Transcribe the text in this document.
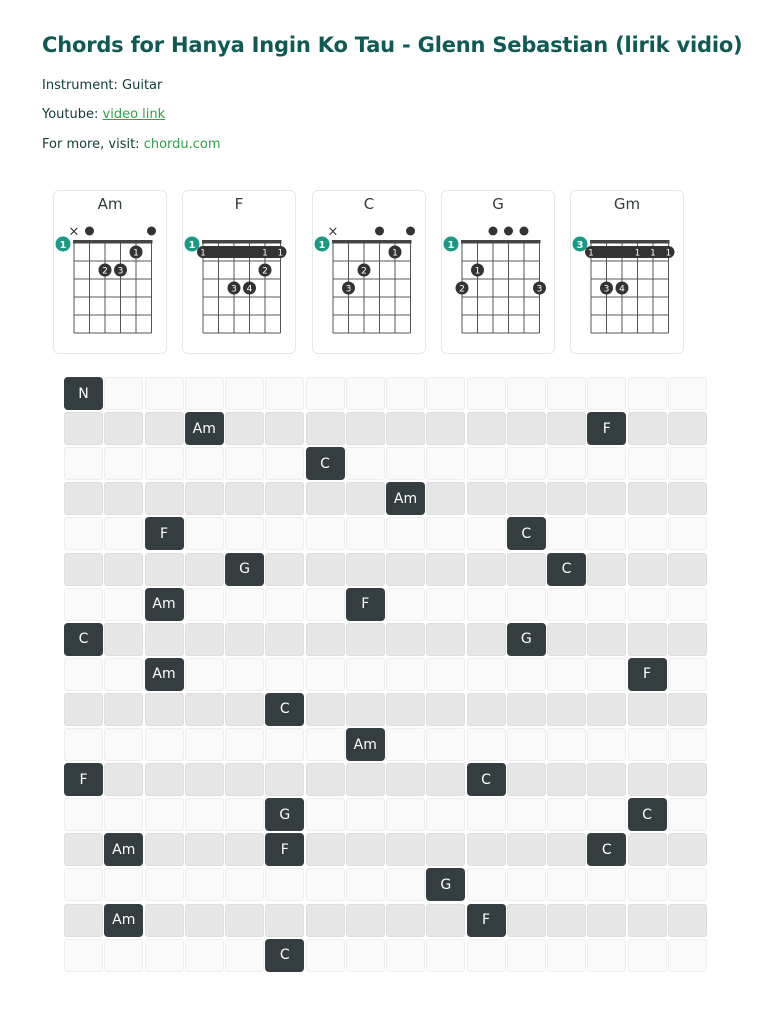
Chords for Hanya Ingin Ko Tau - Glenn Sebastian (lirik vidio)
Instrument: Guitar
Youtube: video link
For more, visit: chordu.com
Am
×
1
1
2 3
F
1
1	1 1
2
3 4
C
×
1
1
2
3
G
1
1
2	3
Gm
3
1	1 1 1
3 4
N
Am	F
C
Am
F	C
G	C
Am	F
C	G
Am	F
C
Am
F	C
G	C
Am	F	C
G
Am	F
C
